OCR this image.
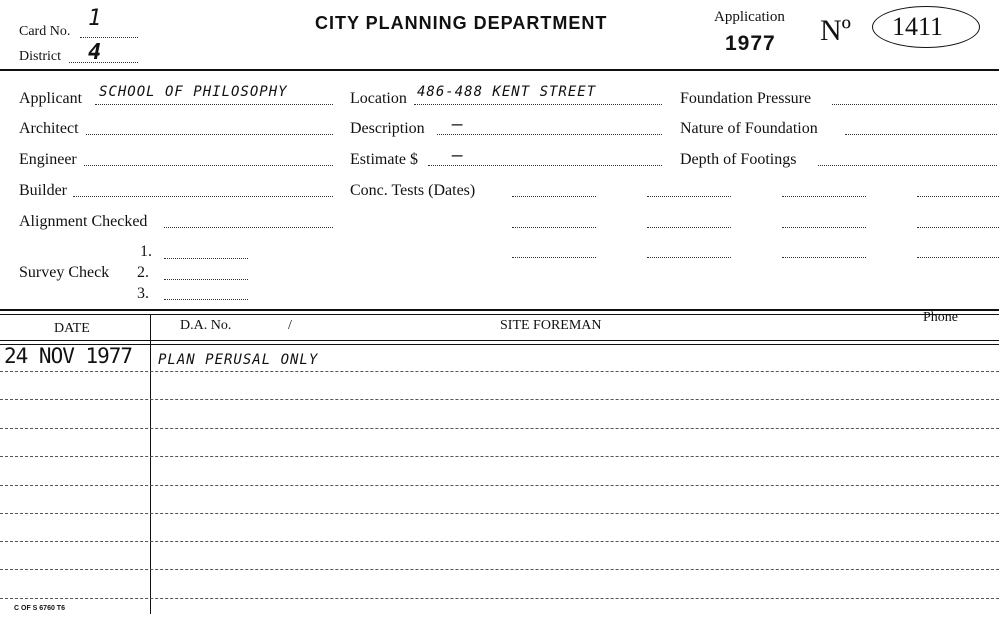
Card No.
1
District 4
CITY PLANNING DEPARTMENT	Application
1977 Nº 1411
Applicant SCHOOL OF PHILOSOPHY
Architect
Engineer
Builder
Alignment Checked
Survey Check
1.
2.
3.
Location 486-488 KENT STREET
Description —
Estimate $ —
Conc. Tests (Dates)
Foundation Pressure
Nature of Foundation
Depth of Footings
DATE	D.A. No.	/	SITE FOREMAN
Phone
24 NOV 1977 PLAN PERUSAL ONLY
C OF S 6760 T6
